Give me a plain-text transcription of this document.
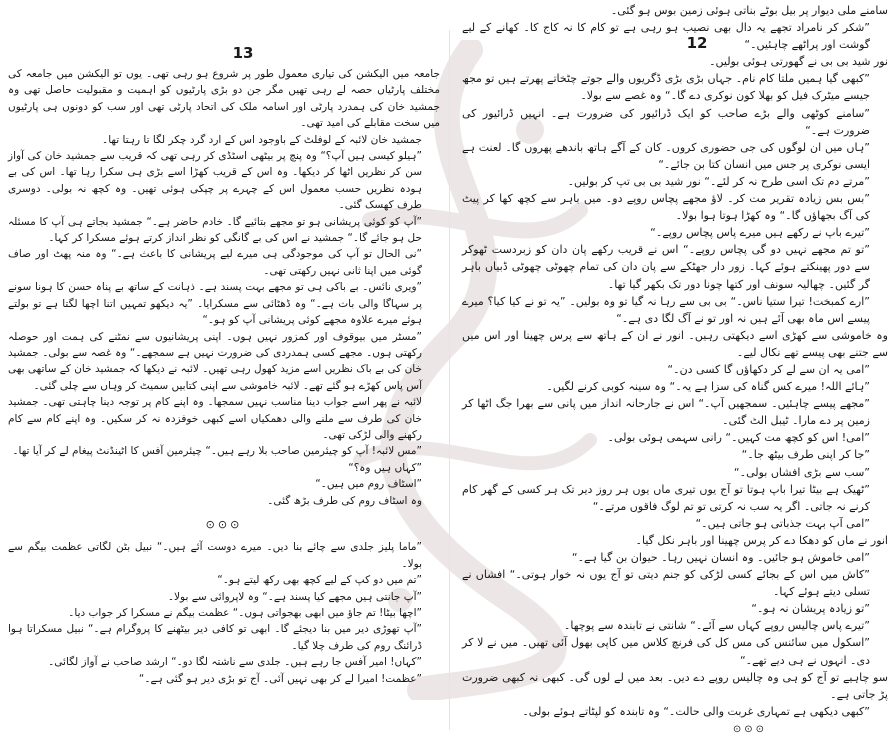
13

جامعہ میں الیکشن کی تیاری معمول طور پر شروع ہو رہی تھی۔ یوں تو الیکشن میں جامعہ کی مختلف پارٹیاں حصہ لے رہی تھیں مگر جن دو بڑی پارٹیوں کو اہمیت و مقبولیت حاصل تھی وہ جمشید خان کی ہمدرد پارٹی اور اسامہ ملک کی اتحاد پارٹی تھی اور سب کو دونوں ہی پارٹیوں میں سخت مقابلے کی امید تھی۔

جمشید خان لائبہ کے لوفلٹ کے باوجود اس کے ارد گرد چکر لگا تا رہتا تھا۔

”ہیلو کیسی ہیں آپ؟“ وہ پنچ پر بیٹھی اسٹڈی کر رہی تھی کہ قریب سے جمشید خان کی آواز سن کر نظریں اٹھا کر دیکھا۔ وہ اس کے قریب کھڑا اسے بڑی ہی سکرا رہا تھا۔ اس کی بے ہودہ نظریں حسب معمول اس کے چہرے پر چپکی ہوئی تھیں۔ وہ کچھ نہ بولی۔ دوسری طرف کھسک گئی۔

”آپ کو کوئی پریشانی ہو تو مجھے بتائیے گا۔ خادم حاضر ہے۔“ جمشید بجاتے ہی آپ کا مسئلہ حل ہو جائے گا۔“ جمشید نے اس کی بے گانگی کو نظر انداز کرتے ہوئے مسکرا کر کہا۔

”نی الحال تو آپ کی موجودگی ہی میرے لیے پریشانی کا باعث ہے۔“ وہ منہ پھٹ اور صاف گوئی میں اپنا ثانی نہیں رکھتی تھی۔

”ویری نائس۔ بے باکی ہی تو مجھے بہت پسند ہے۔ ذہانت کے ساتھ بے پناہ حسن کا ہونا سونے پر سہاگا والی بات ہے۔“ وہ ڈھٹائی سے مسکرایا۔ ”یہ دیکھو تمہیں اتنا اچھا لگتا ہے تو بولتے ہوئے میرے علاوہ مجھے کوئی پریشانی آپ کو ہو۔“

”مسٹر میں بیوقوف اور کمزور نہیں ہوں۔ اپنی پریشانیوں سے نمٹنے کی ہمت اور حوصلہ رکھتی ہوں۔ مجھے کسی ہمدردی کی ضرورت نہیں ہے سمجھے۔“ وہ غصہ سے بولی۔ جمشید خان کی بے باک نظریں اسے مزید کھول رہی تھیں۔ لائبہ نے دیکھا کہ جمشید خان کے ساتھی بھی آس پاس کھڑے ہو گئے تھے۔ لائبہ خاموشی سے اپنی کتابیں سمیٹ کر وہاں سے چلی گئی۔

لائبہ نے پھر اسے جواب دینا مناسب نہیں سمجھا۔ وہ اپنے کام پر توجہ دینا چاہتی تھی۔ جمشید خان کی طرف سے ملنے والی دھمکیاں اسے کبھی خوفزدہ نہ کر سکیں۔ وہ اپنے کام سے کام رکھنے والی لڑکی تھی۔

”مس لائبہ! آپ کو چیئرمین صاحب بلا رہے ہیں۔“ چیئرمین آفس کا اٹینڈنٹ پیغام لے کر آیا تھا۔

”کہاں ہیں وہ؟“

”اسٹاف روم میں ہیں۔“

وہ اسٹاف روم کی طرف بڑھ گئی۔

⊙⊙⊙

”ماما پلیز جلدی سے چائے بنا دیں۔ میرے دوست آئے ہیں۔“ نبیل بٹن لگاتی عظمت بیگم سے بولا۔

”تم میں دو کپ کے لیے کچھ بھی رکھ لیتے ہو۔“

”آپ جانتی ہیں مجھے کیا پسند ہے۔“ وہ لاپروائی سے بولا۔

”اچھا بیٹا! تم جاؤ میں ابھی بھجواتی ہوں۔“ عظمت بیگم نے مسکرا کر جواب دیا۔

”آپ تھوڑی دیر میں بنا دیجئے گا۔ ابھی تو کافی دیر بیٹھنے کا پروگرام ہے۔“ نبیل مسکراتا ہوا ڈرائنگ روم کی طرف چلا گیا۔

”کہاں! امیر آفس جا رہے ہیں۔ جلدی سے ناشتہ لگا دو۔“ ارشد صاحب نے آواز لگائی۔

”عظمت! امیرا لے کر بھی نہیں آئی۔ آج تو بڑی دیر ہو گئی ہے۔“

12

سامنے ملی دیوار پر بیل بوٹے بناتی ہوئی زمین بوس ہو گئی۔

”شکر کر نامراد تجھے یہ دال بھی نصیب ہو رہی ہے تو کام کا نہ کاج کا۔ کھانے کے لیے گوشت اور پراٹھے چاہئیں۔“

نور شید بی بی نے گھورتی ہوئی بولیں۔

”کبھی گیا ہمیں ملتا کام نام۔ جہاں بڑی بڑی ڈگریوں والے جوتے چٹخاتے پھرتے ہیں تو مجھ جیسے میٹرک فیل کو بھلا کون نوکری دے گا۔“ وہ غصے سے بولا۔

”سامنے کوٹھی والے بڑے صاحب کو ایک ڈرائیور کی ضرورت ہے۔ انہیں ڈرائیور کی ضرورت ہے۔“

”ہاں میں ان لوگوں کی جی حضوری کروں۔ کان کے آگے ہاتھ باندھے پھروں گا۔ لعنت ہے ایسی نوکری پر جس میں انسان کتا بن جائے۔“

”مرتے دم تک اسی طرح نہ کر لئے۔“ نور شید بی بی تپ کر بولیں۔

”بس بس زیادہ تقریر مت کر۔ لاؤ مجھے پچاس روپے دو۔ میں باہر سے کچھ کھا کر پیٹ کی آگ بجھاؤں گا۔“ وہ کھڑا ہوتا ہوا بولا۔

”تیرے باپ نے رکھے ہیں میرے پاس پچاس روپے۔“

”تو تم مجھے نہیں دو گی پچاس روپے۔“ اس نے قریب رکھے پان دان کو زبردست ٹھوکر سے دور پھینکتے ہوئے کہا۔ زور دار جھٹکے سے پان دان کی تمام چھوٹی چھوٹی ڈبیاں باہر گر گئیں۔ چھالیہ سونف اور کتھا چونا دور تک بکھر گیا تھا۔

”ارے کمبخت! تیرا ستیا ناس۔“ بی بی سے رہا نہ گیا تو وہ بولیں۔ ”یہ تو نے کیا کیا؟ میرے پیسے اس ماہ بھی آئے ہیں نہ اور تو نے آگ لگا دی ہے۔“

وہ خاموشی سے کھڑی اسے دیکھتی رہیں۔ انور نے ان کے ہاتھ سے پرس چھینا اور اس میں سے جتنے بھی پیسے تھے نکال لیے۔

”امی یہ ان سے لے کر دکھاؤں گا کسی دن۔“

”ہائے اللہ! میرے کس گناہ کی سزا ہے یہ۔“ وہ سینہ کوبی کرنے لگیں۔

”مجھے پیسے چاہئیں۔ سمجھیں آپ۔“ اس نے جارحانہ انداز میں پانی سے بھرا جگ اٹھا کر زمین پر دے مارا۔ ٹیبل الٹ گئی۔

”امی! اس کو کچھ مت کہیں۔“ رانی سہمی ہوئی بولی۔

”جا کر اپنی طرف بیٹھ جا۔“

”سب سے بڑی افشاں بولی۔“

”ٹھیک ہے بیٹا تیرا باپ ہوتا تو آج یوں تیری ماں یوں ہر روز دیر تک ہر کسی کے گھر کام کرنے نہ جاتی۔ اگر یہ سب نہ کرتی تو تم لوگ فاقوں مرتے۔“

”امی آپ بہت جذباتی ہو جاتی ہیں۔“

انور نے ماں کو دھکا دے کر پرس چھینا اور باہر نکل گیا۔

”امی خاموش ہو جائیں۔ وہ انسان نہیں رہا۔ حیوان بن گیا ہے۔“

”کاش میں اس کے بجائے کسی لڑکی کو جنم دیتی تو آج یوں نہ خوار ہوتی۔“ افشاں نے تسلی دیتے ہوئے کہا۔

”تو زیادہ پریشان نہ ہو۔“

”تیرے پاس چالیس روپے کہاں سے آئے۔“ شانتی نے تابندہ سے پوچھا۔

”اسکول میں سائنس کی مس کل کی فرنچ کلاس میں کاپی بھول آئی تھیں۔ میں نے لا کر دی۔ انہوں نے ہی دیے تھے۔“

سو چاہیے تو آج کو ہی وہ چالیس روپے دے دیں۔ بعد میں لے لوں گی۔ کبھی نہ کبھی ضرورت پڑ جاتی ہے۔

”کبھی دیکھی ہے تمہاری غربت والی حالت۔“ وہ تابندہ کو لپٹاتے ہوئے بولی۔

⊙⊙⊙
